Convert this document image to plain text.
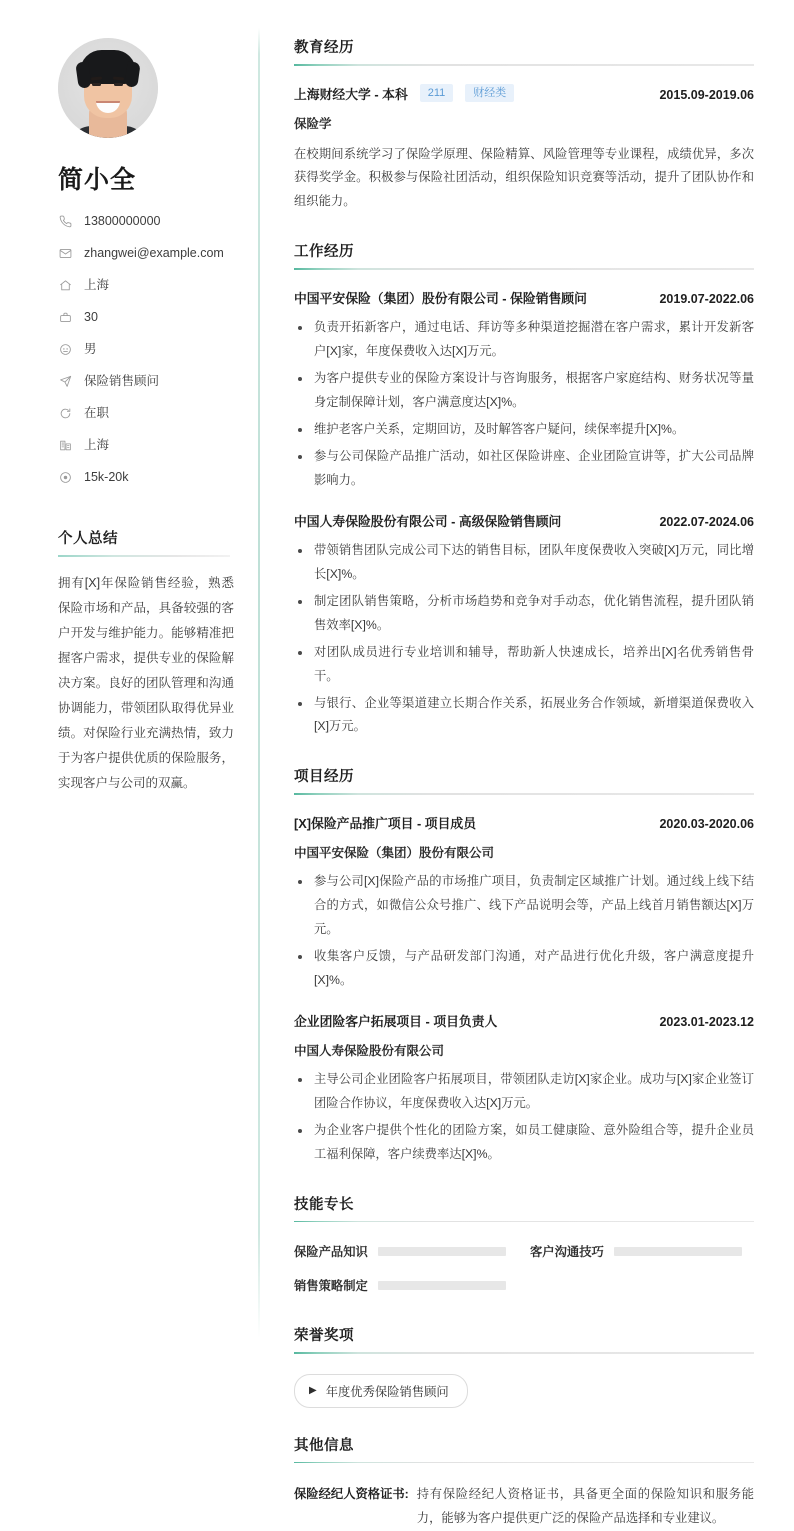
简小全
13800000000
zhangwei@example.com
上海
30
男
保险销售顾问
在职
上海
15k-20k
个人总结
拥有[X]年保险销售经验，熟悉保险市场和产品，具备较强的客户开发与维护能力。能够精准把握客户需求，提供专业的保险解决方案。良好的团队管理和沟通协调能力，带领团队取得优异业绩。对保险行业充满热情，致力于为客户提供优质的保险服务，实现客户与公司的双赢。
教育经历
上海财经大学 - 本科	211	财经类	2015.09-2019.06
保险学
在校期间系统学习了保险学原理、保险精算、风险管理等专业课程，成绩优异，多次获得奖学金。积极参与保险社团活动，组织保险知识竞赛等活动，提升了团队协作和组织能力。
工作经历
中国平安保险（集团）股份有限公司 - 保险销售顾问	2019.07-2022.06
负责开拓新客户，通过电话、拜访等多种渠道挖掘潜在客户需求，累计开发新客户[X]家，年度保费收入达[X]万元。
为客户提供专业的保险方案设计与咨询服务，根据客户家庭结构、财务状况等量身定制保障计划，客户满意度达[X]%。
维护老客户关系，定期回访，及时解答客户疑问，续保率提升[X]%。
参与公司保险产品推广活动，如社区保险讲座、企业团险宣讲等，扩大公司品牌影响力。
中国人寿保险股份有限公司 - 高级保险销售顾问	2022.07-2024.06
带领销售团队完成公司下达的销售目标，团队年度保费收入突破[X]万元，同比增长[X]%。
制定团队销售策略，分析市场趋势和竞争对手动态，优化销售流程，提升团队销售效率[X]%。
对团队成员进行专业培训和辅导，帮助新人快速成长，培养出[X]名优秀销售骨干。
与银行、企业等渠道建立长期合作关系，拓展业务合作领域，新增渠道保费收入[X]万元。
项目经历
[X]保险产品推广项目 - 项目成员	2020.03-2020.06
中国平安保险（集团）股份有限公司
参与公司[X]保险产品的市场推广项目，负责制定区域推广计划。通过线上线下结合的方式，如微信公众号推广、线下产品说明会等，产品上线首月销售额达[X]万元。
收集客户反馈，与产品研发部门沟通，对产品进行优化升级，客户满意度提升[X]%。
企业团险客户拓展项目 - 项目负责人	2023.01-2023.12
中国人寿保险股份有限公司
主导公司企业团险客户拓展项目，带领团队走访[X]家企业。成功与[X]家企业签订团险合作协议，年度保费收入达[X]万元。
为企业客户提供个性化的团险方案，如员工健康险、意外险组合等，提升企业员工福利保障，客户续费率达[X]%。
技能专长
保险产品知识	客户沟通技巧
销售策略制定
荣誉奖项
▶ 年度优秀保险销售顾问
其他信息
保险经纪人资格证书: 持有保险经纪人资格证书，具备更全面的保险知识和服务能力，能够为客户提供更广泛的保险产品选择和专业建议。
